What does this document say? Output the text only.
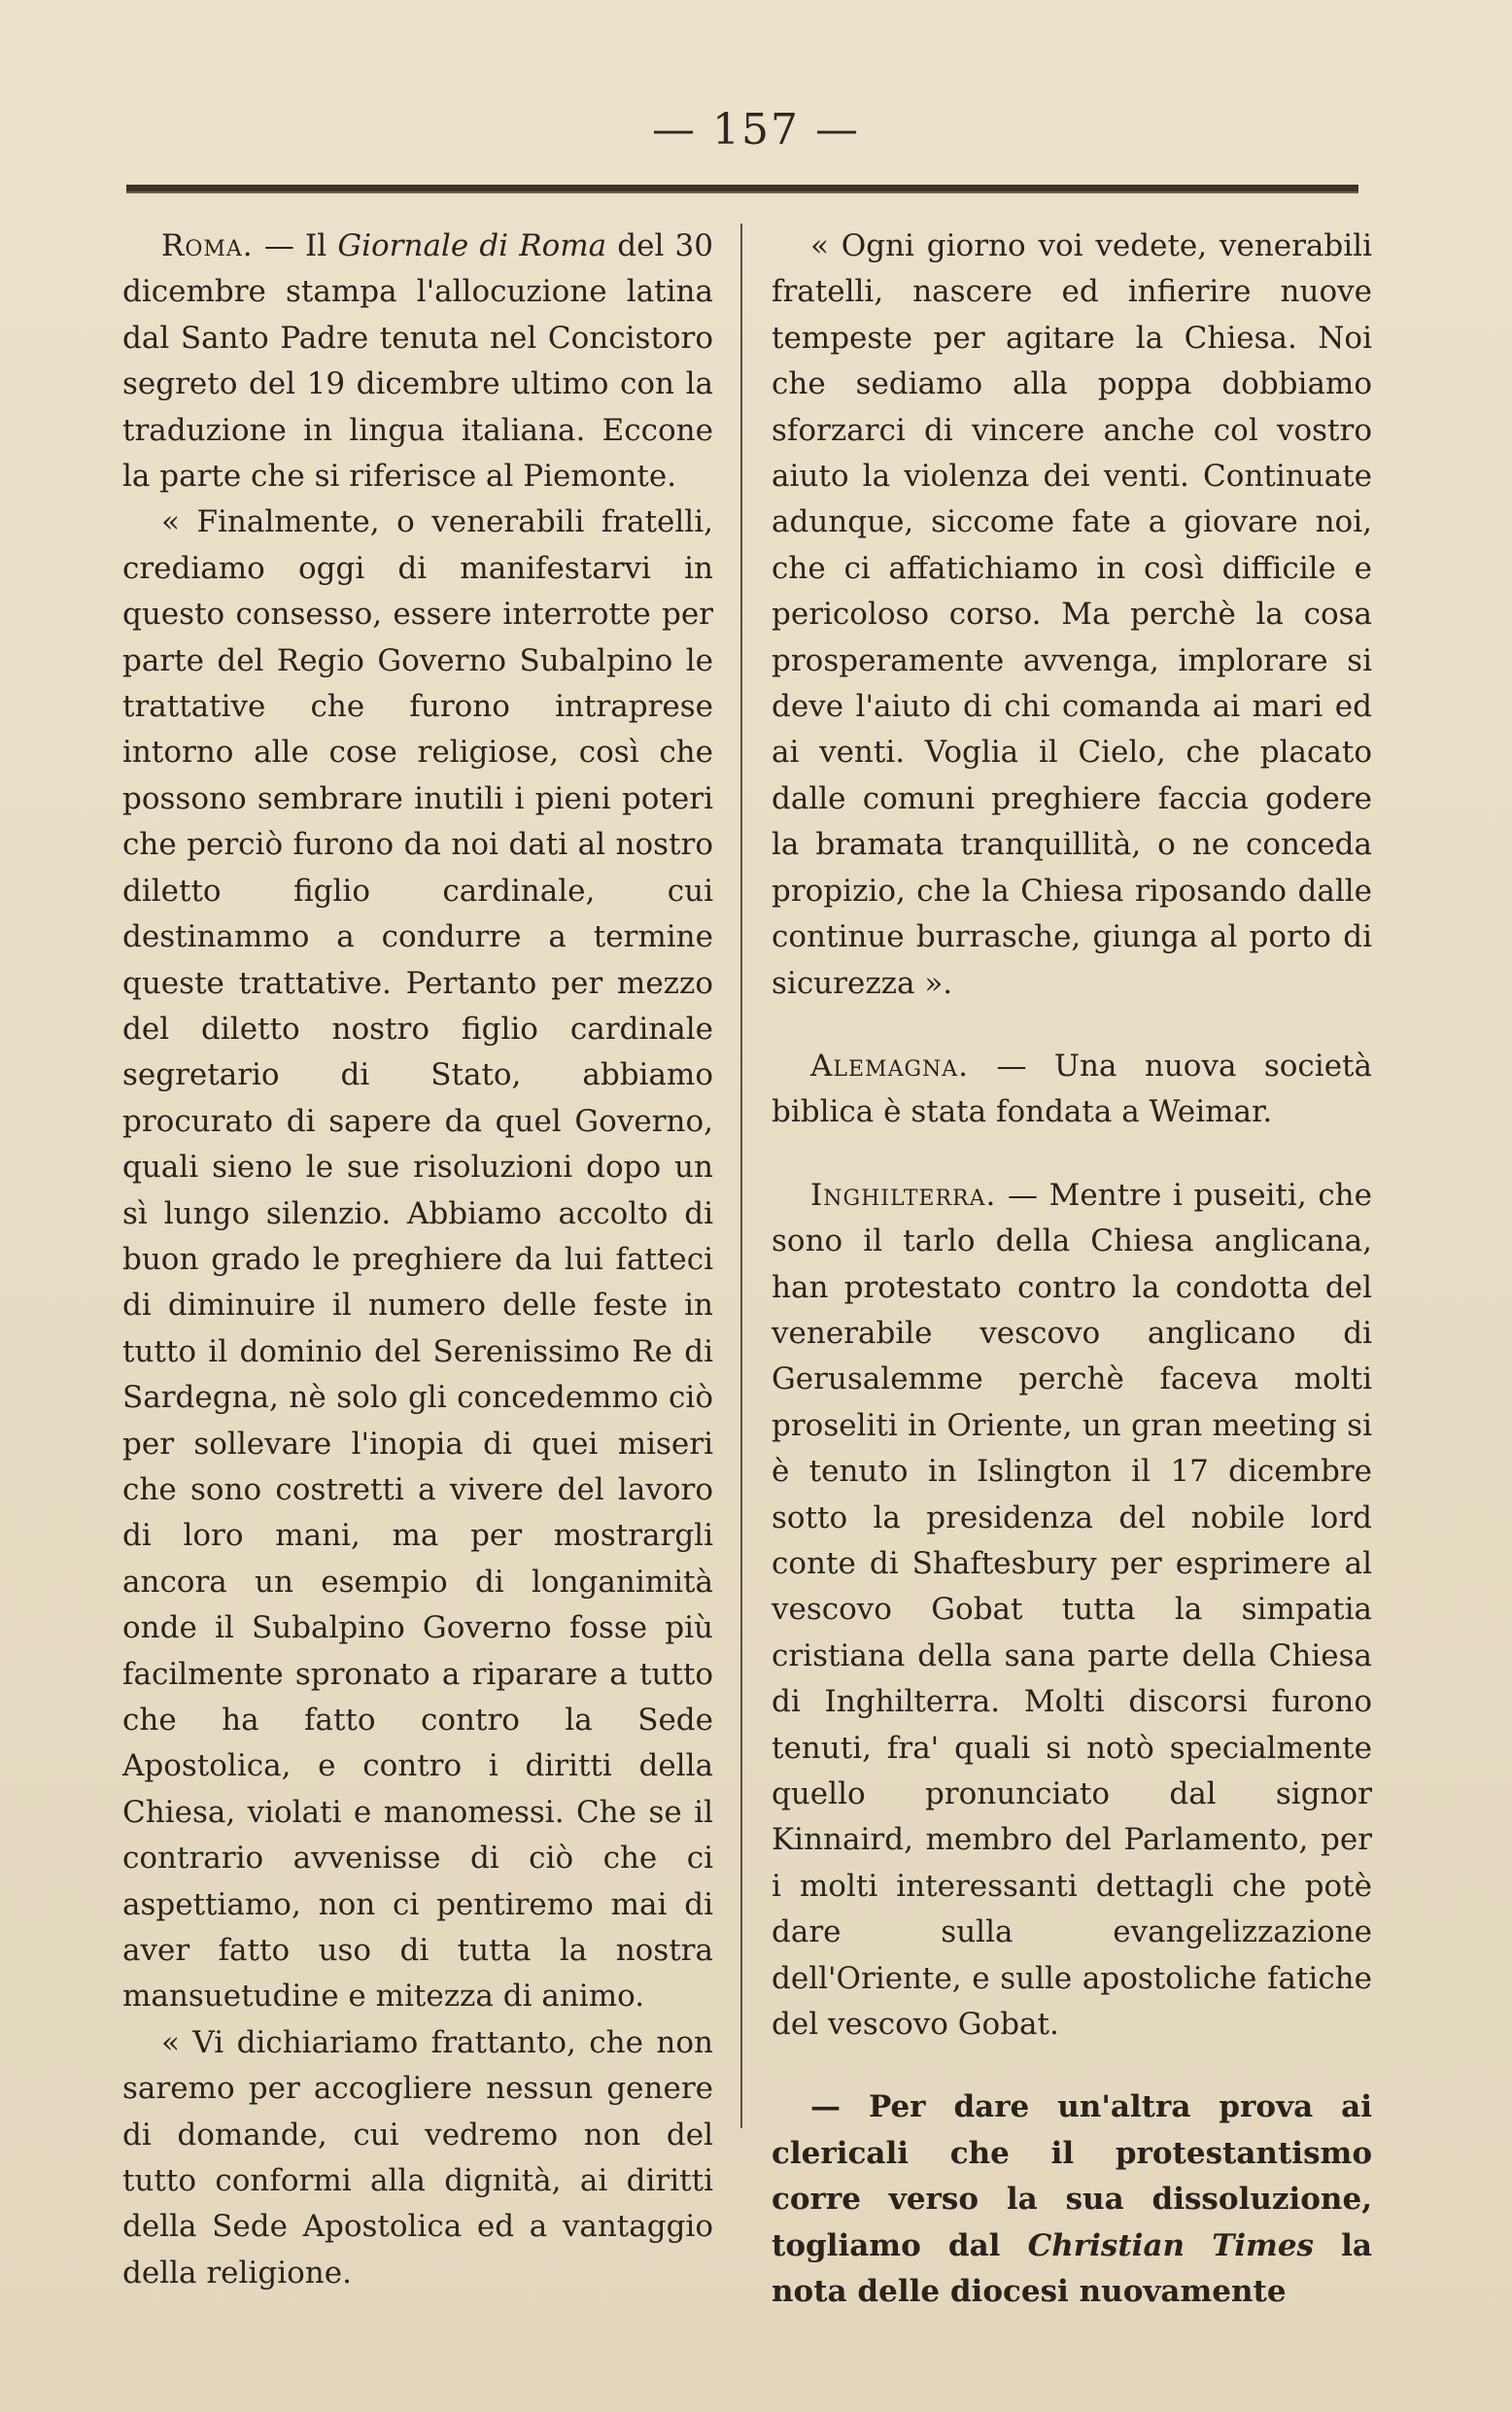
— 157 —

Roma. — Il Giornale di Roma del 30 dicembre stampa l'allocuzione latina dal Santo Padre tenuta nel Concistoro segreto del 19 dicembre ultimo con la traduzione in lingua italiana. Eccone la parte che si riferisce al Piemonte.

« Finalmente, o venerabili fratelli, crediamo oggi di manifestarvi in questo consesso, essere interrotte per parte del Regio Governo Subalpino le trattative che furono intraprese intorno alle cose religiose, così che possono sembrare inutili i pieni poteri che perciò furono da noi dati al nostro diletto figlio cardinale, cui destinammo a condurre a termine queste trattative. Pertanto per mezzo del diletto nostro figlio cardinale segretario di Stato, abbiamo procurato di sapere da quel Governo, quali sieno le sue risoluzioni dopo un sì lungo silenzio. Abbiamo accolto di buon grado le preghiere da lui fatteci di diminuire il numero delle feste in tutto il dominio del Serenissimo Re di Sardegna, nè solo gli concedemmo ciò per sollevare l'inopia di quei miseri che sono costretti a vivere del lavoro di loro mani, ma per mostrargli ancora un esempio di longanimità onde il Subalpino Governo fosse più facilmente spronato a riparare a tutto che ha fatto contro la Sede Apostolica, e contro i diritti della Chiesa, violati e manomessi. Che se il contrario avvenisse di ciò che ci aspettiamo, non ci pentiremo mai di aver fatto uso di tutta la nostra mansuetudine e mitezza di animo.

« Vi dichiariamo frattanto, che non saremo per accogliere nessun genere di domande, cui vedremo non del tutto conformi alla dignità, ai diritti della Sede Apostolica ed a vantaggio della religione.

« Ogni giorno voi vedete, venerabili fratelli, nascere ed infierire nuove tempeste per agitare la Chiesa. Noi che sediamo alla poppa dobbiamo sforzarci di vincere anche col vostro aiuto la violenza dei venti. Continuate adunque, siccome fate a giovare noi, che ci affatichiamo in così difficile e pericoloso corso. Ma perchè la cosa prosperamente avvenga, implorare si deve l'aiuto di chi comanda ai mari ed ai venti. Voglia il Cielo, che placato dalle comuni preghiere faccia godere la bramata tranquillità, o ne conceda propizio, che la Chiesa riposando dalle continue burrasche, giunga al porto di sicurezza ».

Alemagna. — Una nuova società biblica è stata fondata a Weimar.

Inghilterra. — Mentre i puseiti, che sono il tarlo della Chiesa anglicana, han protestato contro la condotta del venerabile vescovo anglicano di Gerusalemme perchè faceva molti proseliti in Oriente, un gran meeting si è tenuto in Islington il 17 dicembre sotto la presidenza del nobile lord conte di Shaftesbury per esprimere al vescovo Gobat tutta la simpatia cristiana della sana parte della Chiesa di Inghilterra. Molti discorsi furono tenuti, fra' quali si notò specialmente quello pronunciato dal signor Kinnaird, membro del Parlamento, per i molti interessanti dettagli che potè dare sulla evangelizzazione dell'Oriente, e sulle apostoliche fatiche del vescovo Gobat.

— Per dare un'altra prova ai clericali che il protestantismo corre verso la sua dissoluzione, togliamo dal Christian Times la nota delle diocesi nuovamente
